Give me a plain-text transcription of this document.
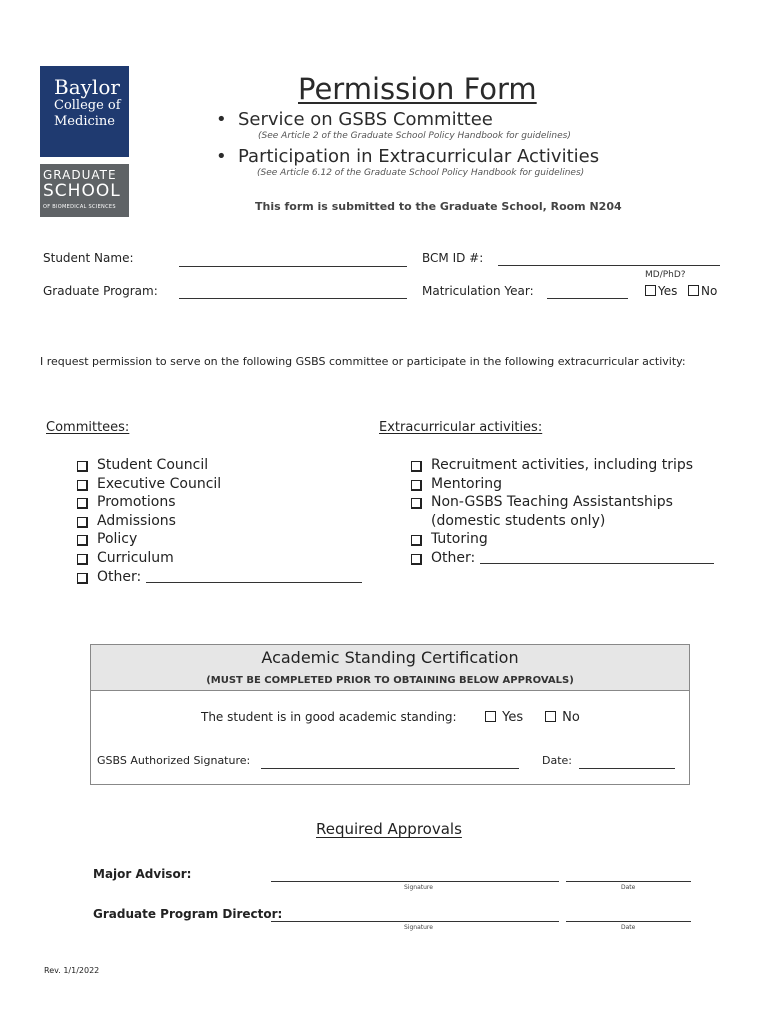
Baylor
College of
Medicine
GRADUATE
SCHOOL
OF BIOMEDICAL SCIENCES
Permission Form
• Service on GSBS Committee
(See Article 2 of the Graduate School Policy Handbook for guidelines)
• Participation in Extracurricular Activities
(See Article 6.12 of the Graduate School Policy Handbook for guidelines)
This form is submitted to the Graduate School, Room N204
Student Name:	BCM ID #:
Graduate Program:	Matriculation Year:
MD/PhD?
Yes	No
I request permission to serve on the following GSBS committee or participate in the following extracurricular activity:
Committees:
Student Council
Executive Council
Promotions
Admissions
Policy
Curriculum
Other:
Extracurricular activities:
Recruitment activities, including trips
Mentoring
Non-GSBS Teaching Assistantships
(domestic students only)
Tutoring
Other:
Academic Standing Certification
(MUST BE COMPLETED PRIOR TO OBTAINING BELOW APPROVALS)
The student is in good academic standing:	Yes	No
GSBS Authorized Signature:	Date:
Required Approvals
Major Advisor:
Signature	Date
Graduate Program Director:
Signature	Date
Rev. 1/1/2022
